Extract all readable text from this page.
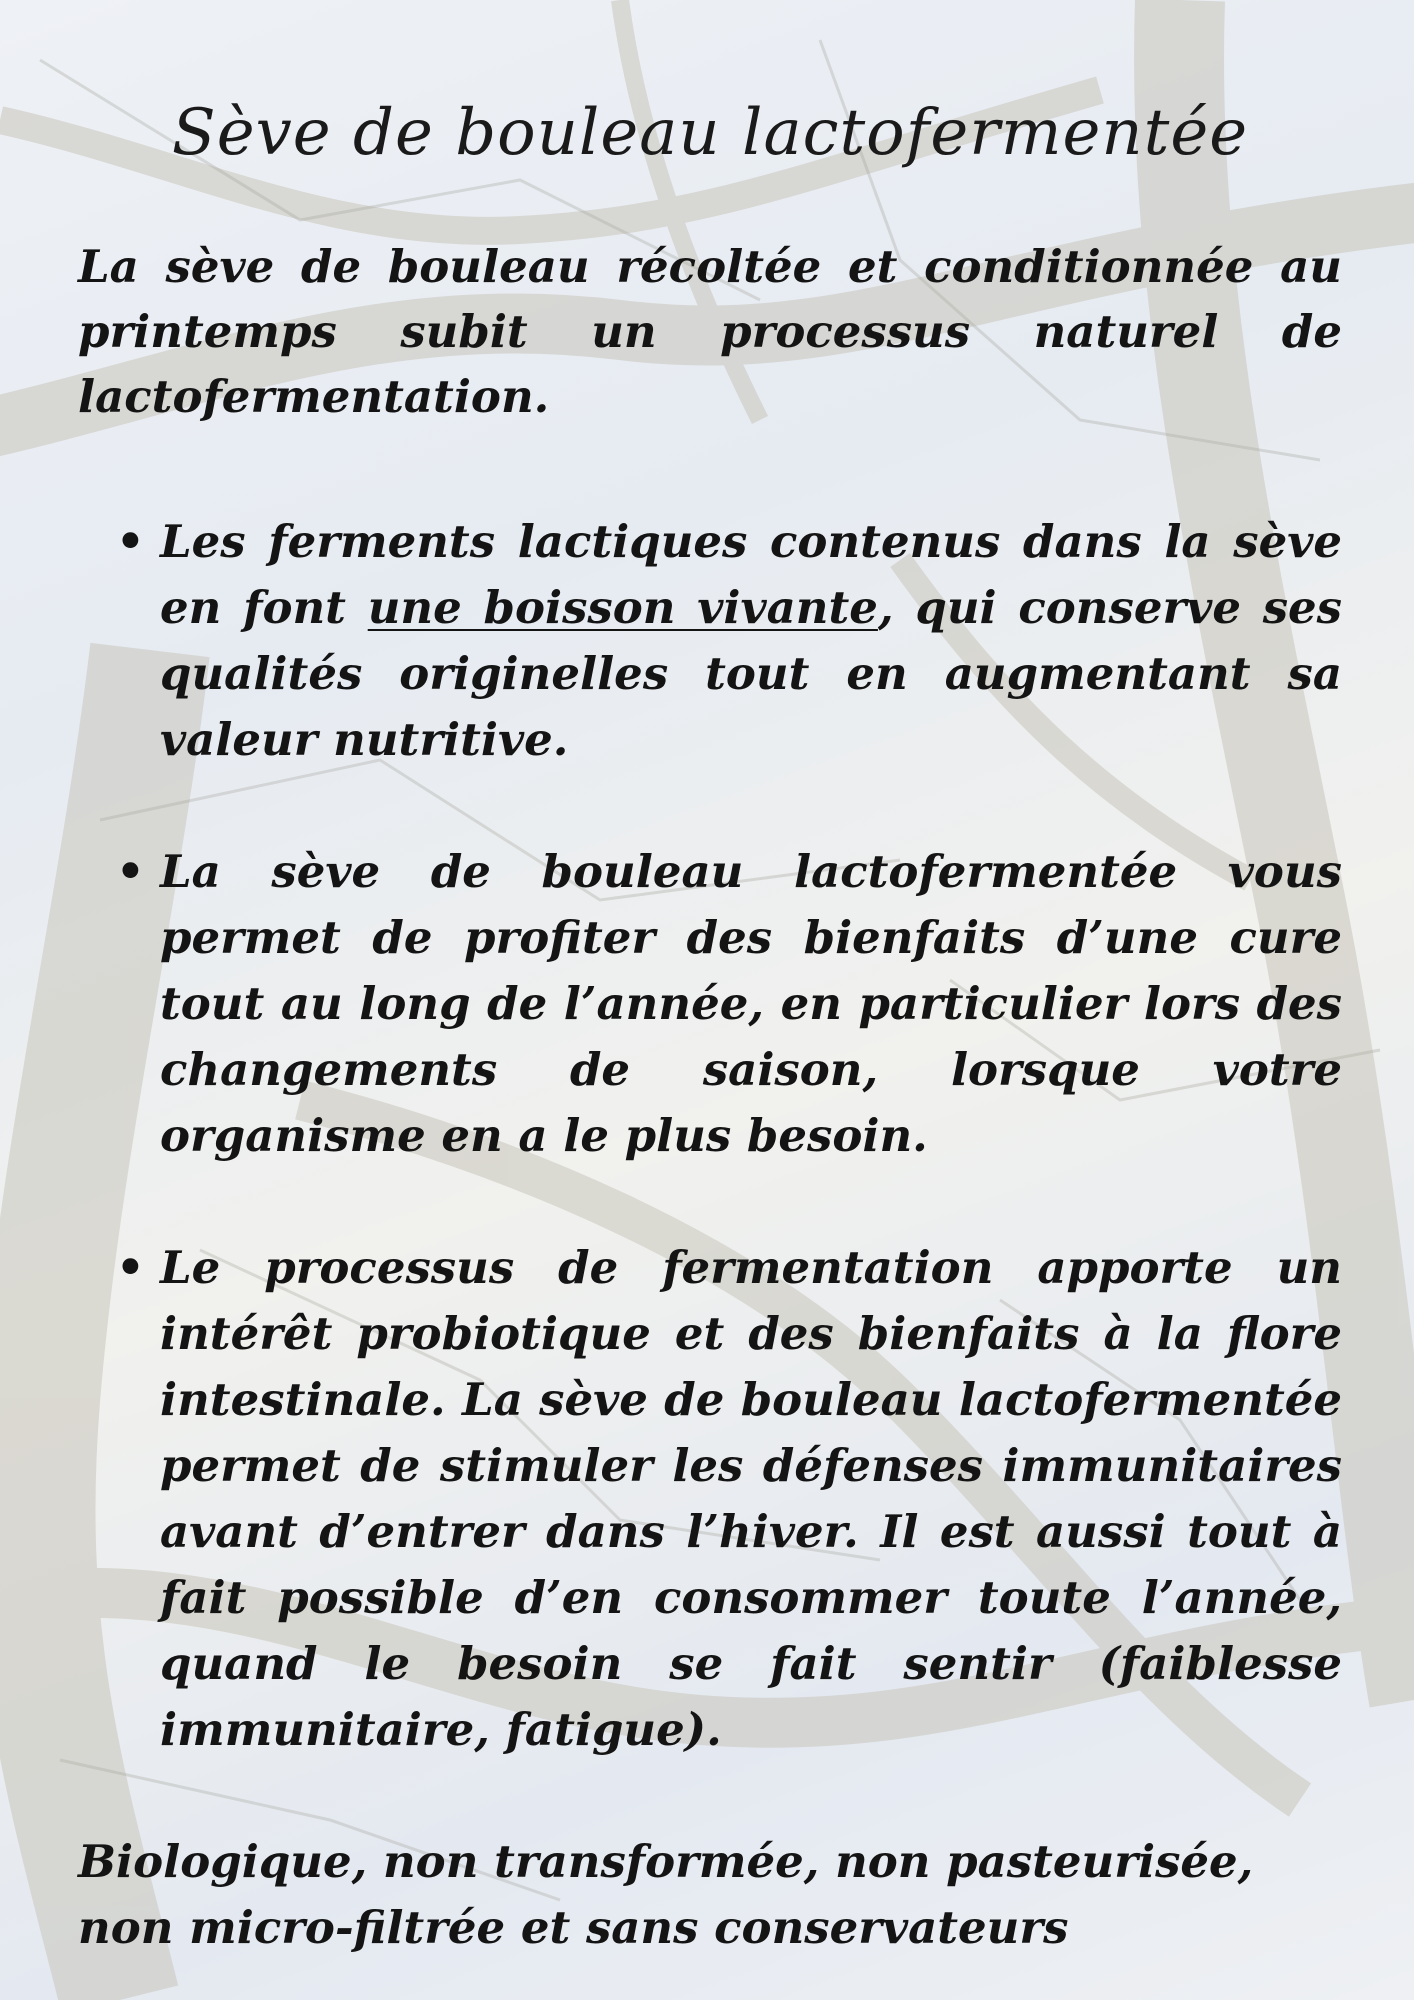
Sève de bouleau lactofermentée

La sève de bouleau récoltée et conditionnée au printemps subit un processus naturel de lactofermentation.

• Les ferments lactiques contenus dans la sève en font une boisson vivante, qui conserve ses qualités originelles tout en augmentant sa valeur nutritive.
• La sève de bouleau lactofermentée vous permet de profiter des bienfaits d’une cure tout au long de l’année, en particulier lors des changements de saison, lorsque votre organisme en a le plus besoin.
• Le processus de fermentation apporte un intérêt probiotique et des bienfaits à la flore intestinale. La sève de bouleau lactofermentée permet de stimuler les défenses immunitaires avant d’entrer dans l’hiver. Il est aussi tout à fait possible d’en consommer toute l’année, quand le besoin se fait sentir (faiblesse immunitaire, fatigue).

Biologique, non transformée, non pasteurisée, non micro-filtrée et sans conservateurs
